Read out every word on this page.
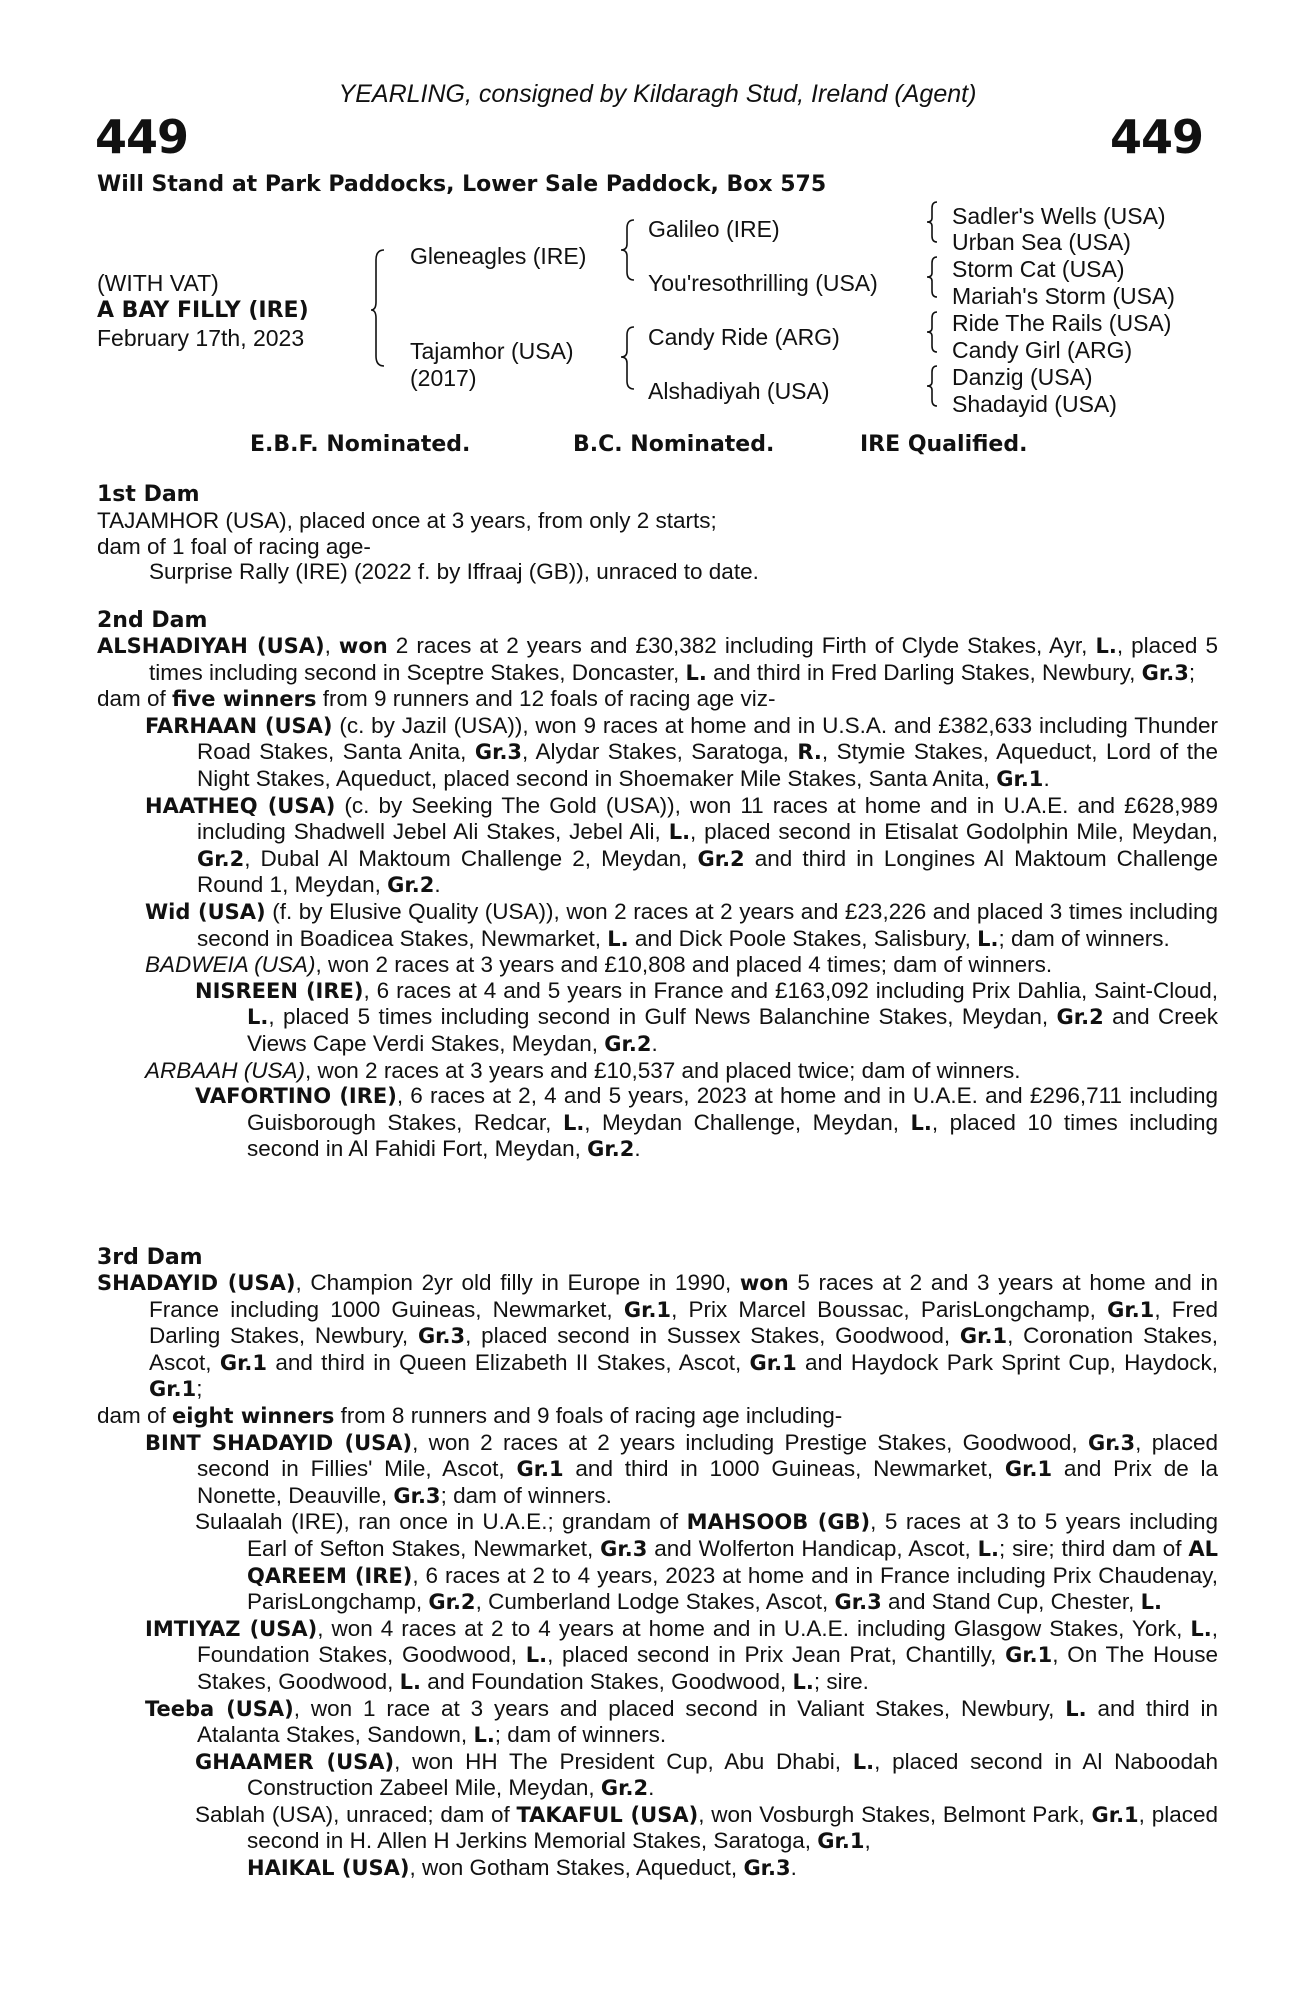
YEARLING, consigned by Kildaragh Stud, Ireland (Agent)
449	449
Will Stand at Park Paddocks, Lower Sale Paddock, Box 575
(WITH VAT)
A BAY FILLY (IRE)
February 17th, 2023
Gleneagles (IRE)
Tajamhor (USA)
(2017)
Galileo (IRE)
You'resothrilling (USA)
Candy Ride (ARG)
Alshadiyah (USA)
Sadler's Wells (USA)
Urban Sea (USA)
Storm Cat (USA)
Mariah's Storm (USA)
Ride The Rails (USA)
Candy Girl (ARG)
Danzig (USA)
Shadayid (USA)
E.B.F. Nominated.	B.C. Nominated.	IRE Qualified.
1st Dam

TAJAMHOR (USA), placed once at 3 years, from only 2 starts;

dam of 1 foal of racing age-

Surprise Rally (IRE) (2022 f. by Iffraaj (GB)), unraced to date.

2nd Dam

ALSHADIYAH (USA), won 2 races at 2 years and £30,382 including Firth of Clyde Stakes, Ayr, L., placed 5 times including second in Sceptre Stakes, Doncaster, L. and third in Fred Darling Stakes, Newbury, Gr.3;

dam of five winners from 9 runners and 12 foals of racing age viz-

FARHAAN (USA) (c. by Jazil (USA)), won 9 races at home and in U.S.A. and £382,633 including Thunder Road Stakes, Santa Anita, Gr.3, Alydar Stakes, Saratoga, R., Stymie Stakes, Aqueduct, Lord of the Night Stakes, Aqueduct, placed second in Shoemaker Mile Stakes, Santa Anita, Gr.1.

HAATHEQ (USA) (c. by Seeking The Gold (USA)), won 11 races at home and in U.A.E. and £628,989 including Shadwell Jebel Ali Stakes, Jebel Ali, L., placed second in Etisalat Godolphin Mile, Meydan, Gr.2, Dubal Al Maktoum Challenge 2, Meydan, Gr.2 and third in Longines Al Maktoum Challenge Round 1, Meydan, Gr.2.

Wid (USA) (f. by Elusive Quality (USA)), won 2 races at 2 years and £23,226 and placed 3 times including second in Boadicea Stakes, Newmarket, L. and Dick Poole Stakes, Salisbury, L.; dam of winners.

BADWEIA (USA), won 2 races at 3 years and £10,808 and placed 4 times; dam of winners.

NISREEN (IRE), 6 races at 4 and 5 years in France and £163,092 including Prix Dahlia, Saint-Cloud, L., placed 5 times including second in Gulf News Balanchine Stakes, Meydan, Gr.2 and Creek Views Cape Verdi Stakes, Meydan, Gr.2.

ARBAAH (USA), won 2 races at 3 years and £10,537 and placed twice; dam of winners.

VAFORTINO (IRE), 6 races at 2, 4 and 5 years, 2023 at home and in U.A.E. and £296,711 including Guisborough Stakes, Redcar, L., Meydan Challenge, Meydan, L., placed 10 times including second in Al Fahidi Fort, Meydan, Gr.2.

3rd Dam

SHADAYID (USA), Champion 2yr old filly in Europe in 1990, won 5 races at 2 and 3 years at home and in France including 1000 Guineas, Newmarket, Gr.1, Prix Marcel Boussac, ParisLongchamp, Gr.1, Fred Darling Stakes, Newbury, Gr.3, placed second in Sussex Stakes, Goodwood, Gr.1, Coronation Stakes, Ascot, Gr.1 and third in Queen Elizabeth II Stakes, Ascot, Gr.1 and Haydock Park Sprint Cup, Haydock, Gr.1;

dam of eight winners from 8 runners and 9 foals of racing age including-

BINT SHADAYID (USA), won 2 races at 2 years including Prestige Stakes, Goodwood, Gr.3, placed second in Fillies' Mile, Ascot, Gr.1 and third in 1000 Guineas, Newmarket, Gr.1 and Prix de la Nonette, Deauville, Gr.3; dam of winners.

Sulaalah (IRE), ran once in U.A.E.; grandam of MAHSOOB (GB), 5 races at 3 to 5 years including Earl of Sefton Stakes, Newmarket, Gr.3 and Wolferton Handicap, Ascot, L.; sire; third dam of AL QAREEM (IRE), 6 races at 2 to 4 years, 2023 at home and in France including Prix Chaudenay, ParisLongchamp, Gr.2, Cumberland Lodge Stakes, Ascot, Gr.3 and Stand Cup, Chester, L.

IMTIYAZ (USA), won 4 races at 2 to 4 years at home and in U.A.E. including Glasgow Stakes, York, L., Foundation Stakes, Goodwood, L., placed second in Prix Jean Prat, Chantilly, Gr.1, On The House Stakes, Goodwood, L. and Foundation Stakes, Goodwood, L.; sire.

Teeba (USA), won 1 race at 3 years and placed second in Valiant Stakes, Newbury, L. and third in Atalanta Stakes, Sandown, L.; dam of winners.

GHAAMER (USA), won HH The President Cup, Abu Dhabi, L., placed second in Al Naboodah Construction Zabeel Mile, Meydan, Gr.2.

Sablah (USA), unraced; dam of TAKAFUL (USA), won Vosburgh Stakes, Belmont Park, Gr.1, placed second in H. Allen H Jerkins Memorial Stakes, Saratoga, Gr.1,
HAIKAL (USA), won Gotham Stakes, Aqueduct, Gr.3.
